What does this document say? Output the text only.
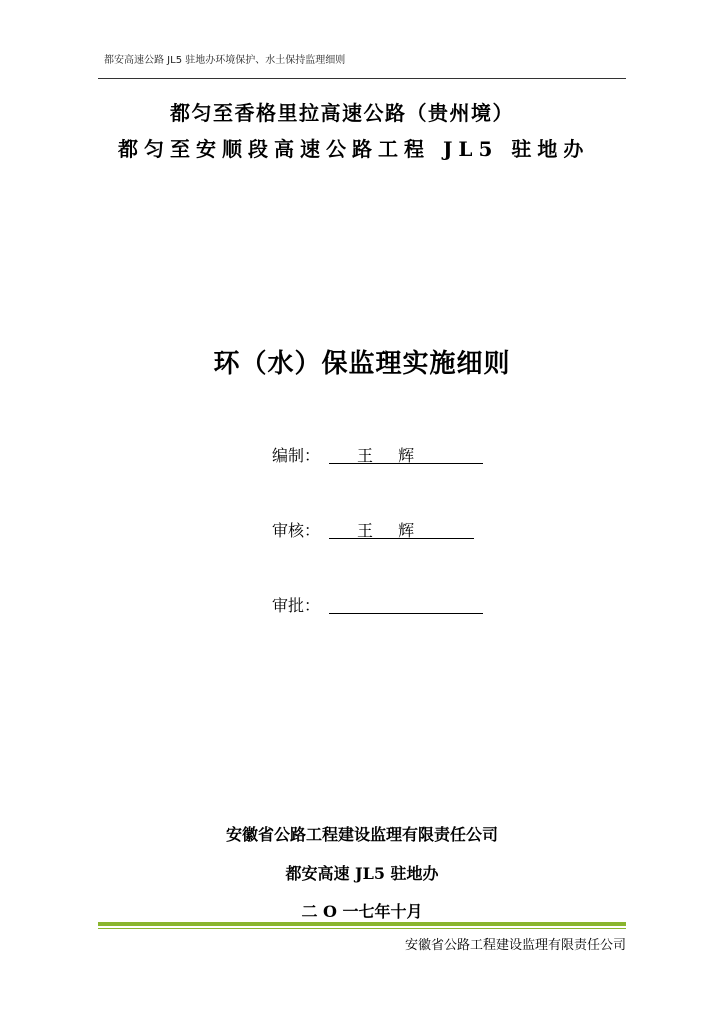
都安高速公路 JL5 驻地办环境保护、水土保持监理细则
都匀至香格里拉高速公路（贵州境）
都匀至安顺段高速公路工程 JL5 驻地办
环（水）保监理实施细则
编制： 王 辉
审核： 王 辉
审批：
安徽省公路工程建设监理有限责任公司
都安高速 JL5 驻地办
二 O 一七年十月
安徽省公路工程建设监理有限责任公司
